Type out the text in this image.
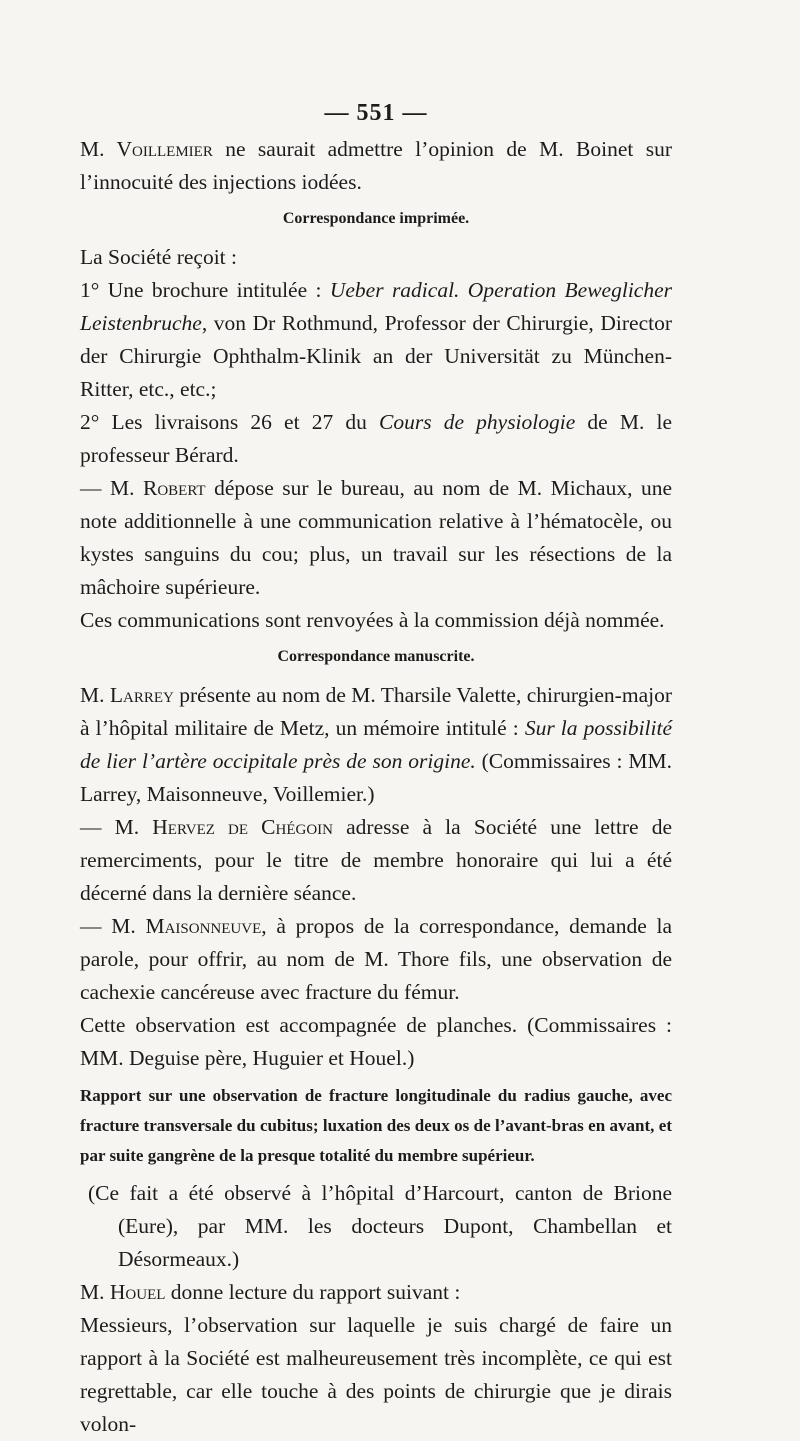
— 551 —

M. Voillemier ne saurait admettre l’opinion de M. Boinet sur l’innocuité des injections iodées.

Correspondance imprimée.

La Société reçoit :

1° Une brochure intitulée : Ueber radical. Operation Beweglicher Leistenbruche, von Dr Rothmund, Professor der Chirurgie, Director der Chirurgie Ophthalm-Klinik an der Universität zu München-Ritter, etc., etc.;

2° Les livraisons 26 et 27 du Cours de physiologie de M. le professeur Bérard.

— M. Robert dépose sur le bureau, au nom de M. Michaux, une note additionnelle à une communication relative à l’hématocèle, ou kystes sanguins du cou; plus, un travail sur les résections de la mâchoire supérieure.

Ces communications sont renvoyées à la commission déjà nommée.

Correspondance manuscrite.

M. Larrey présente au nom de M. Tharsile Valette, chirurgien-major à l’hôpital militaire de Metz, un mémoire intitulé : Sur la possibilité de lier l’artère occipitale près de son origine. (Commissaires : MM. Larrey, Maisonneuve, Voillemier.)

— M. Hervez de Chégoin adresse à la Société une lettre de remerciments, pour le titre de membre honoraire qui lui a été décerné dans la dernière séance.

— M. Maisonneuve, à propos de la correspondance, demande la parole, pour offrir, au nom de M. Thore fils, une observation de cachexie cancéreuse avec fracture du fémur.

Cette observation est accompagnée de planches. (Commissaires : MM. Deguise père, Huguier et Houel.)

Rapport sur une observation de fracture longitudinale du radius gauche, avec fracture transversale du cubitus; luxation des deux os de l’avant-bras en avant, et par suite gangrène de la presque totalité du membre supérieur.

(Ce fait a été observé à l’hôpital d’Harcourt, canton de Brione (Eure), par MM. les docteurs Dupont, Chambellan et Désormeaux.)

M. Houel donne lecture du rapport suivant :

Messieurs, l’observation sur laquelle je suis chargé de faire un rapport à la Société est malheureusement très incomplète, ce qui est regrettable, car elle touche à des points de chirurgie que je dirais volon-
